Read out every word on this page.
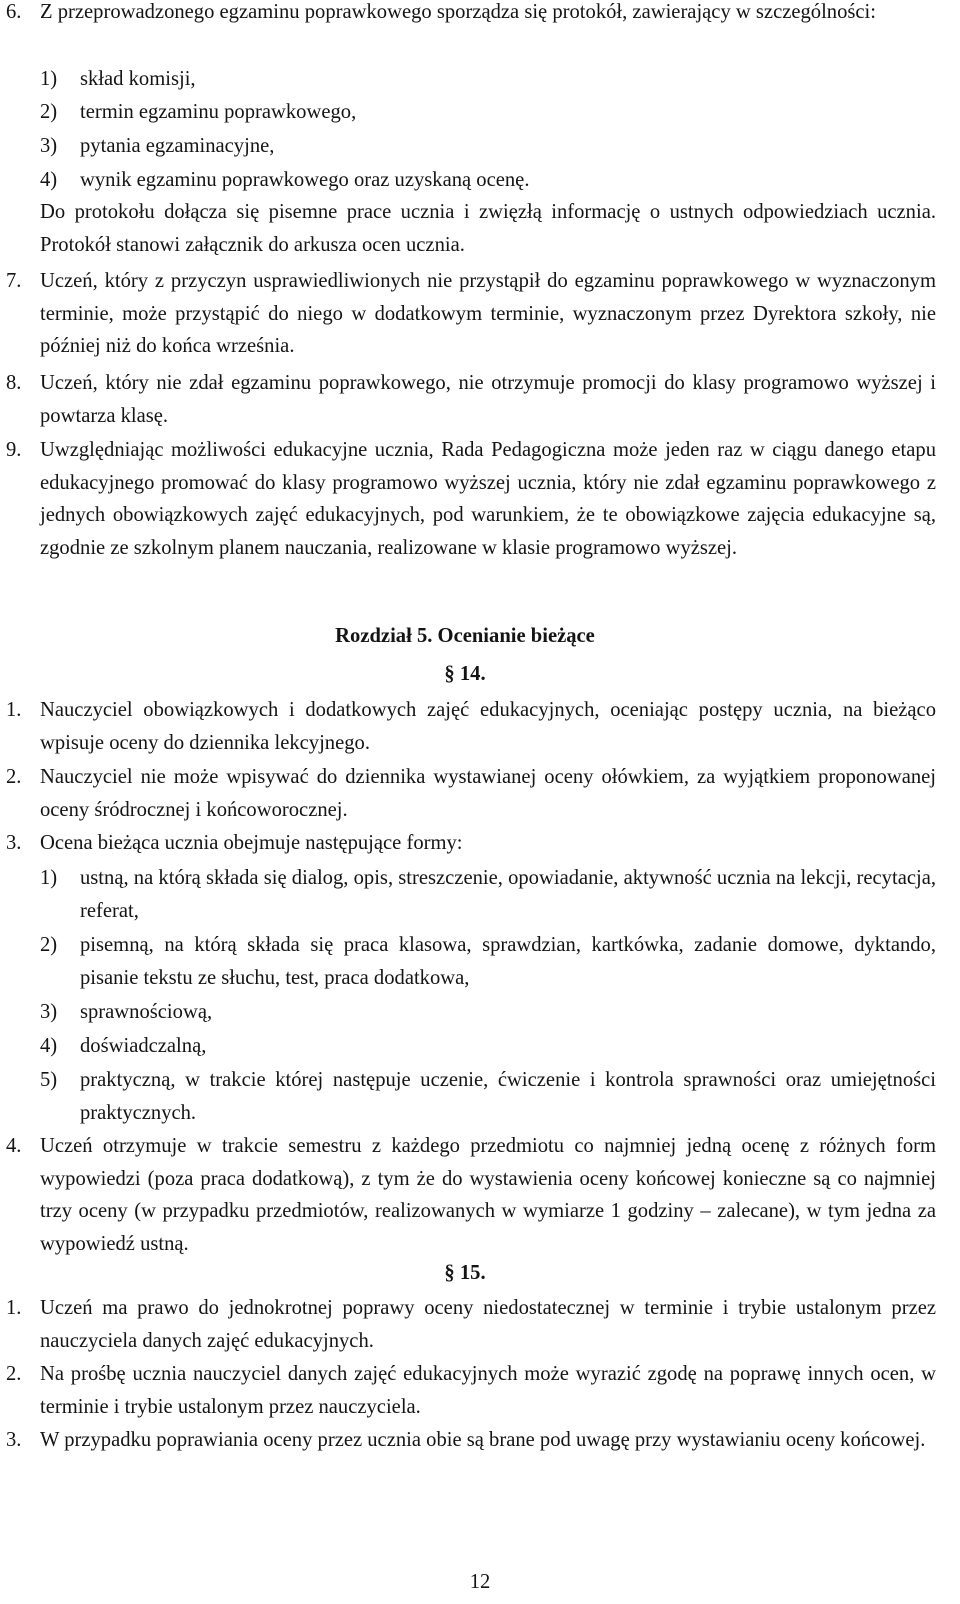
6. Z przeprowadzonego egzaminu poprawkowego sporządza się protokół, zawierający w szczególności:
1) skład komisji,
2) termin egzaminu poprawkowego,
3) pytania egzaminacyjne,
4) wynik egzaminu poprawkowego oraz uzyskaną ocenę.

Do protokołu dołącza się pisemne prace ucznia i zwięzłą informację o ustnych odpowiedziach ucznia. Protokół stanowi załącznik do arkusza ocen ucznia.

7. Uczeń, który z przyczyn usprawiedliwionych nie przystąpił do egzaminu poprawkowego w wyznaczonym terminie, może przystąpić do niego w dodatkowym terminie, wyznaczonym przez Dyrektora szkoły, nie później niż do końca września.
8. Uczeń, który nie zdał egzaminu poprawkowego, nie otrzymuje promocji do klasy programowo wyższej i powtarza klasę.
9. Uwzględniając możliwości edukacyjne ucznia, Rada Pedagogiczna może jeden raz w ciągu danego etapu edukacyjnego promować do klasy programowo wyższej ucznia, który nie zdał egzaminu poprawkowego z jednych obowiązkowych zajęć edukacyjnych, pod warunkiem, że te obowiązkowe zajęcia edukacyjne są, zgodnie ze szkolnym planem nauczania, realizowane w klasie programowo wyższej.

Rozdział 5. Ocenianie bieżące

§ 14.

1. Nauczyciel obowiązkowych i dodatkowych zajęć edukacyjnych, oceniając postępy ucznia, na bieżąco wpisuje oceny do dziennika lekcyjnego.
2. Nauczyciel nie może wpisywać do dziennika wystawianej oceny ołówkiem, za wyjątkiem proponowanej oceny śródrocznej i końcoworocznej.
3. Ocena bieżąca ucznia obejmuje następujące formy:
1) ustną, na którą składa się dialog, opis, streszczenie, opowiadanie, aktywność ucznia na lekcji, recytacja, referat,
2) pisemną, na którą składa się praca klasowa, sprawdzian, kartkówka, zadanie domowe, dyktando, pisanie tekstu ze słuchu, test, praca dodatkowa,
3) sprawnościową,
4) doświadczalną,
5) praktyczną, w trakcie której następuje uczenie, ćwiczenie i kontrola sprawności oraz umiejętności praktycznych.
4. Uczeń otrzymuje w trakcie semestru z każdego przedmiotu co najmniej jedną ocenę z różnych form wypowiedzi (poza praca dodatkową), z tym że do wystawienia oceny końcowej konieczne są co najmniej trzy oceny (w przypadku przedmiotów, realizowanych w wymiarze 1 godziny – zalecane), w tym jedna za wypowiedź ustną.

§ 15.

1. Uczeń ma prawo do jednokrotnej poprawy oceny niedostatecznej w terminie i trybie ustalonym przez nauczyciela danych zajęć edukacyjnych.
2. Na prośbę ucznia nauczyciel danych zajęć edukacyjnych może wyrazić zgodę na poprawę innych ocen, w terminie i trybie ustalonym przez nauczyciela.
3. W przypadku poprawiania oceny przez ucznia obie są brane pod uwagę przy wystawianiu oceny końcowej.

12
